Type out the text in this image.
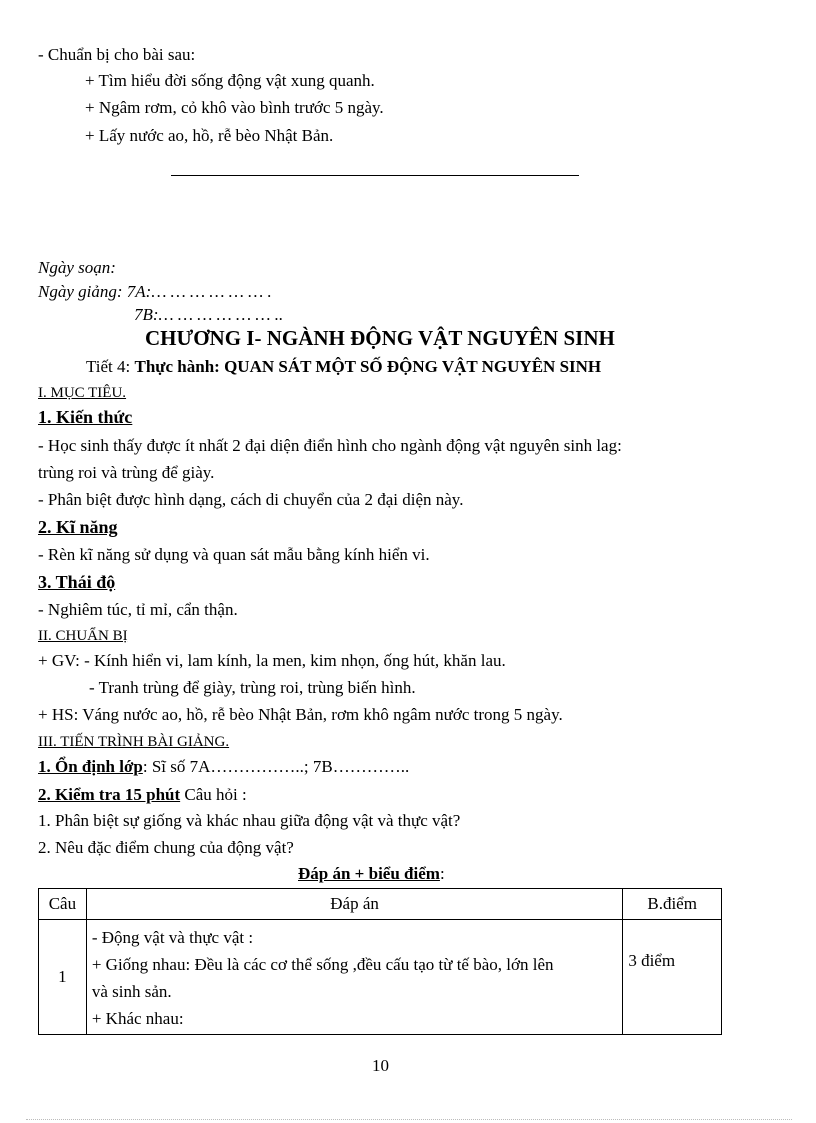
- Chuẩn bị cho bài sau:
+ Tìm hiểu đời sống động vật xung quanh.
+ Ngâm rơm, cỏ khô vào bình trước 5 ngày.
+ Lấy nước ao, hồ, rễ bèo Nhật Bản.
Ngày soạn:
Ngày giảng: 7A:… … … … … … .
7B:… … … … … … ..
CHƯƠNG I- NGÀNH ĐỘNG VẬT NGUYÊN SINH
Tiết 4: Thực hành: QUAN SÁT MỘT SỐ ĐỘNG VẬT NGUYÊN SINH
I. MỤC TIÊU.
1. Kiến thức
- Học sinh thấy được ít nhất 2 đại diện điển hình cho ngành động vật nguyên sinh lag:
trùng roi và trùng để giày.
- Phân biệt được hình dạng, cách di chuyển của 2 đại diện này.
2. Kĩ năng
- Rèn kĩ năng sử dụng và quan sát mẫu bằng kính hiển vi.
3. Thái độ
- Nghiêm túc, tỉ mỉ, cẩn thận.
II. CHUẨN BỊ
+ GV: - Kính hiển vi, lam kính, la men, kim nhọn, ống hút, khăn lau.
- Tranh trùng để giày, trùng roi, trùng biến hình.
+ HS: Váng nước ao, hồ, rễ bèo Nhật Bản, rơm khô ngâm nước trong 5 ngày.
III. TIẾN TRÌNH BÀI GIẢNG.
1. Ổn định lớp: Sĩ số 7A……………..; 7B…………..
2. Kiểm tra 15 phút Câu hỏi :
1. Phân biệt sự giống và khác nhau giữa động vật và thực vật?
2. Nêu đặc điểm chung của động vật?
Đáp án + biểu điểm:
Câu	Đáp án	B.điểm
1	- Động vật và thực vật :
+ Giống nhau: Đều là các cơ thể sống ,đều cấu tạo từ tế bào, lớn lên
và sinh sản.
+ Khác nhau:	3 điểm
10
